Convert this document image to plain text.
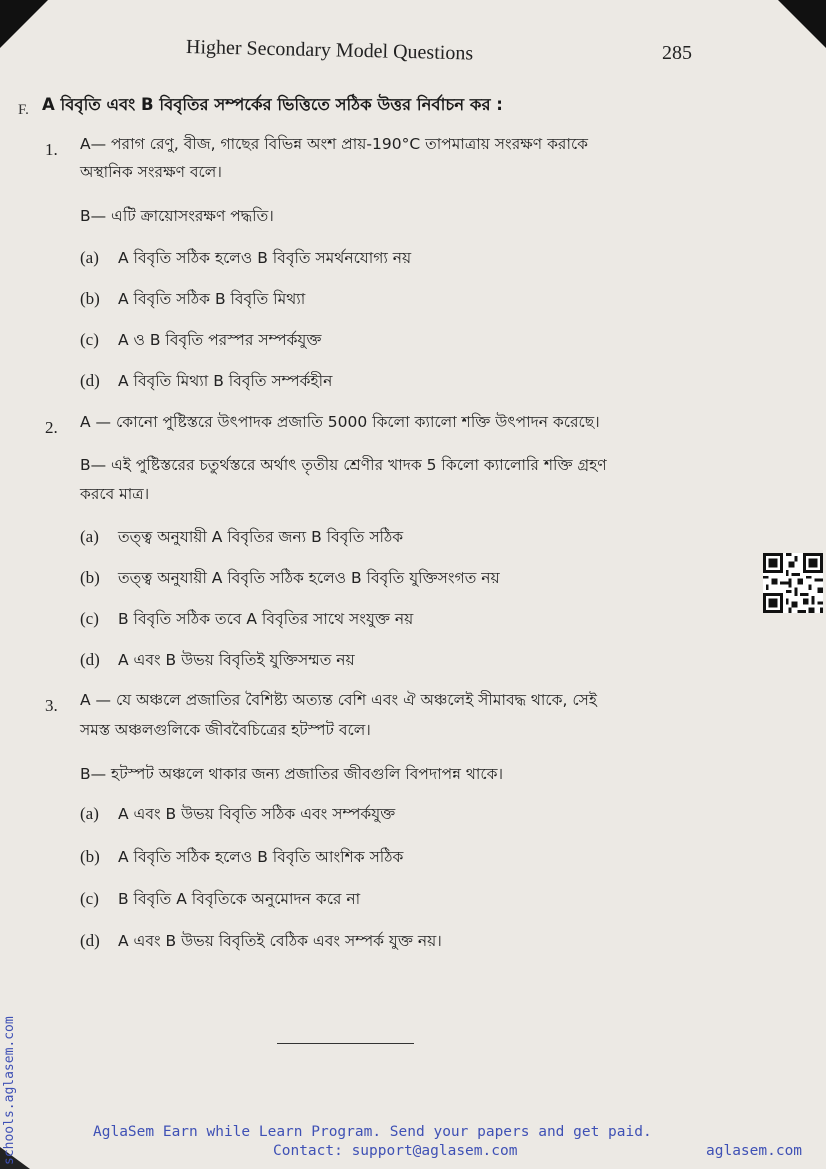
Higher Secondary Model Questions	285
F. A বিবৃতি এবং B বিবৃতির সম্পর্কের ভিত্তিতে সঠিক উত্তর নির্বাচন কর :
1. A— পরাগ রেণু, বীজ, গাছের বিভিন্ন অংশ প্রায়-190°C তাপমাত্রায় সংরক্ষণ করাকে
অস্থানিক সংরক্ষণ বলে।
B— এটি ক্রায়োসংরক্ষণ পদ্ধতি।
(a) A বিবৃতি সঠিক হলেও B বিবৃতি সমর্থনযোগ্য নয়
(b) A বিবৃতি সঠিক B বিবৃতি মিথ্যা
(c) A ও B বিবৃতি পরস্পর সম্পর্কযুক্ত
(d) A বিবৃতি মিথ্যা B বিবৃতি সম্পর্কহীন
2. A — কোনো পুষ্টিস্তরে উৎপাদক প্রজাতি 5000 কিলো ক্যালো শক্তি উৎপাদন করেছে।
B— এই পুষ্টিস্তরের চতুর্থস্তরে অর্থাৎ তৃতীয় শ্রেণীর খাদক 5 কিলো ক্যালোরি শক্তি গ্রহণ
করবে মাত্র।
(a) তত্ত্ব অনুযায়ী A বিবৃতির জন্য B বিবৃতি সঠিক
(b) তত্ত্ব অনুযায়ী A বিবৃতি সঠিক হলেও B বিবৃতি যুক্তিসংগত নয়
(c) B বিবৃতি সঠিক তবে A বিবৃতির সাথে সংযুক্ত নয়
(d) A এবং B উভয় বিবৃতিই যুক্তিসম্মত নয়
3. A — যে অঞ্চলে প্রজাতির বৈশিষ্ট্য অত্যন্ত বেশি এবং ঐ অঞ্চলেই সীমাবদ্ধ থাকে, সেই
সমস্ত অঞ্চলগুলিকে জীববৈচিত্রের হটস্পট বলে।
B— হটস্পট অঞ্চলে থাকার জন্য প্রজাতির জীবগুলি বিপদাপন্ন থাকে।
(a) A এবং B উভয় বিবৃতি সঠিক এবং সম্পর্কযুক্ত
(b) A বিবৃতি সঠিক হলেও B বিবৃতি আংশিক সঠিক
(c) B বিবৃতি A বিবৃতিকে অনুমোদন করে না
(d) A এবং B উভয় বিবৃতিই বেঠিক এবং সম্পর্ক যুক্ত নয়।
schools.aglasem.com	AglaSem Earn while Learn Program. Send your papers and get paid.
Contact: support@aglasem.com	aglasem.com
